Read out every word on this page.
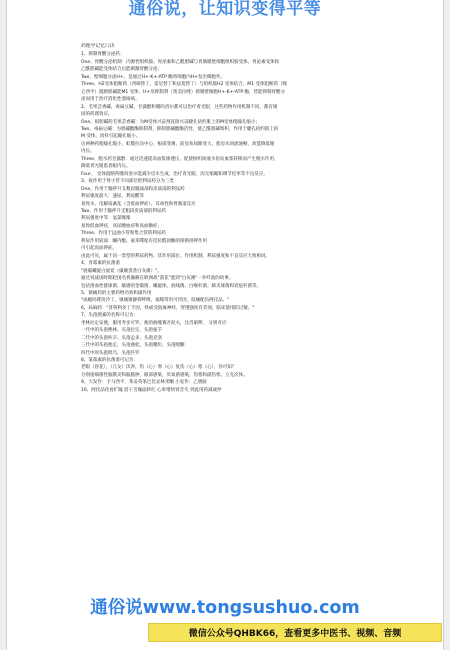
通俗说，让知识变得平等
药理学记忆口诀
1、抑制胃酸分泌药：
One、胃酸分泌机制：内源性组织胺、胃泌素和乙酰胆碱与胃肠膜壁细胞组织胺受体、胃泌素受体和
乙酰胆碱能受体结合后能刺激胃酸分泌；
Two、壁细胞分泌H+，是通过H+-K+-ATP 酶将细胞内H+泵出细胞外。
Three、H2受体阻断药（西咪替丁、雷尼替丁和法莫替丁）与组织胺H2 受体结合，M1 受体阻断药（哌
仑西平）阻断胆碱能M1 受体，H+泵抑制剂（奥美拉唑）抑制壁细胞H+-K+-ATP 酶，皆能抑制胃酸分
泌而用于治疗消化性溃疡病。
2、毛果芸香碱、毒扁豆碱、甘露醇和噻吗洛尔都可以治疗青光眼，这些药物作用机制不同，都有相
同的药理效应。
One、拟胆碱药毛果芸香碱：为M受体兴奋剂直接兴奋睫孔括约肌上的M受体使瞳孔缩小；
Two、毒扁豆碱：为胆碱酯酶抑制剂，抑制胆碱酯酶活性，使乙酰胆碱堆积，作用于睫孔括约肌上的
M 受体，同样引起瞳孔缩小。
这两种药使瞳孔缩小，虹膜拉向中心，根部变薄，前房角间隙变大，使房水回流通畅，故能降低眼
内压。
Three、脱水药甘露醇：通过迅速提高血浆渗透压，促使组织间液水份向血浆转移而产生脱水作用，
降低青光眼患者眼内压。
Four、 受体阻断药噻吗洛尔能减少房水生成，治疗青光眼，而无缩瞳和调节痉挛等不良反应。
3、按作用于肾小管不同部位把利尿药分为三类
One、作用于髓袢升支粗段髓质部和皮质部的利尿药
利尿强度最大：速尿、利尿酸等
易致水、电解质紊乱（含低血钾症）、耳毒性和胃肠道反应
Two、作用于髓袢升支粗段皮质部的利尿药
利尿强度中等：氢氯噻嗪
易致低血钾症，高尿酸血症和高血糖症；
Three、作用于远曲小管和集合管的利尿药
利尿作用较弱：螺内酯、氨苯喋啶有拮抗醛固酮的保钠排钾作用
可引起高血钾症。
由此可见，属于同一类型的利尿药物，其作用部位、作用机制、利尿强度和不良反应大致相同。
4、青霉素的抗菌谱
"链葡螺旋白鼠炭（廉颇蒸煮白灰滩）"。
通过说战国时期赵国名将廉颇在欧洲战"落花"逃到"白灰滩"一举歼敌的故事。
包括溶血性链球菌、敏感的金葡菌、螺旋体、放线菌、白喉杆菌、肺炎球菌和炭疽杆菌等。
5、镇痛药的主要药物功效和副作用
"成瘾吗啡度冷丁，镇痛镇静抑呼吸，福喘常用可待因，纹痛配伍阿托品。"
6、局麻药："普鲁利多丁卡因，铁或受阻麻神经，穿透强度有差别，临床使用防过敏。"
7、头孢菌素的名称可记为：
坐林拉定安便，服用寿多可罗。他的曲噻赛吾泥夫，比肖硝啰。 分别对应：
一代中的头孢唑林、头孢拉定，头孢氨苄
二代中的头孢呋辛、头孢孟多，头孢克洛
三代中的头孢他定，头孢曲松、头孢噻肟、头孢哌酮
四代中的头孢吡乌、头孢匹罗
8、氯霉素的抗菌谱可记为：
老眼（昏花），（儿女）厌养，伤（心）寒（心）复伤（心）寒（心），你可知？
分别指细菌性脑膜炎和脑脓肿，眼部感染，厌氧菌感染，伤寒和副伤寒、立克次体。
9、大发作：卡马西平，苯妥英苯巴比妥林米酮 小发作：乙琥胺
10、阿托品化看扩瞳 唇干舌燥面转红 心率增快肾音失 到此用药减或停
通俗说www.tongsushuo.com
微信公众号QHBK66，查看更多中医书、视频、音频
